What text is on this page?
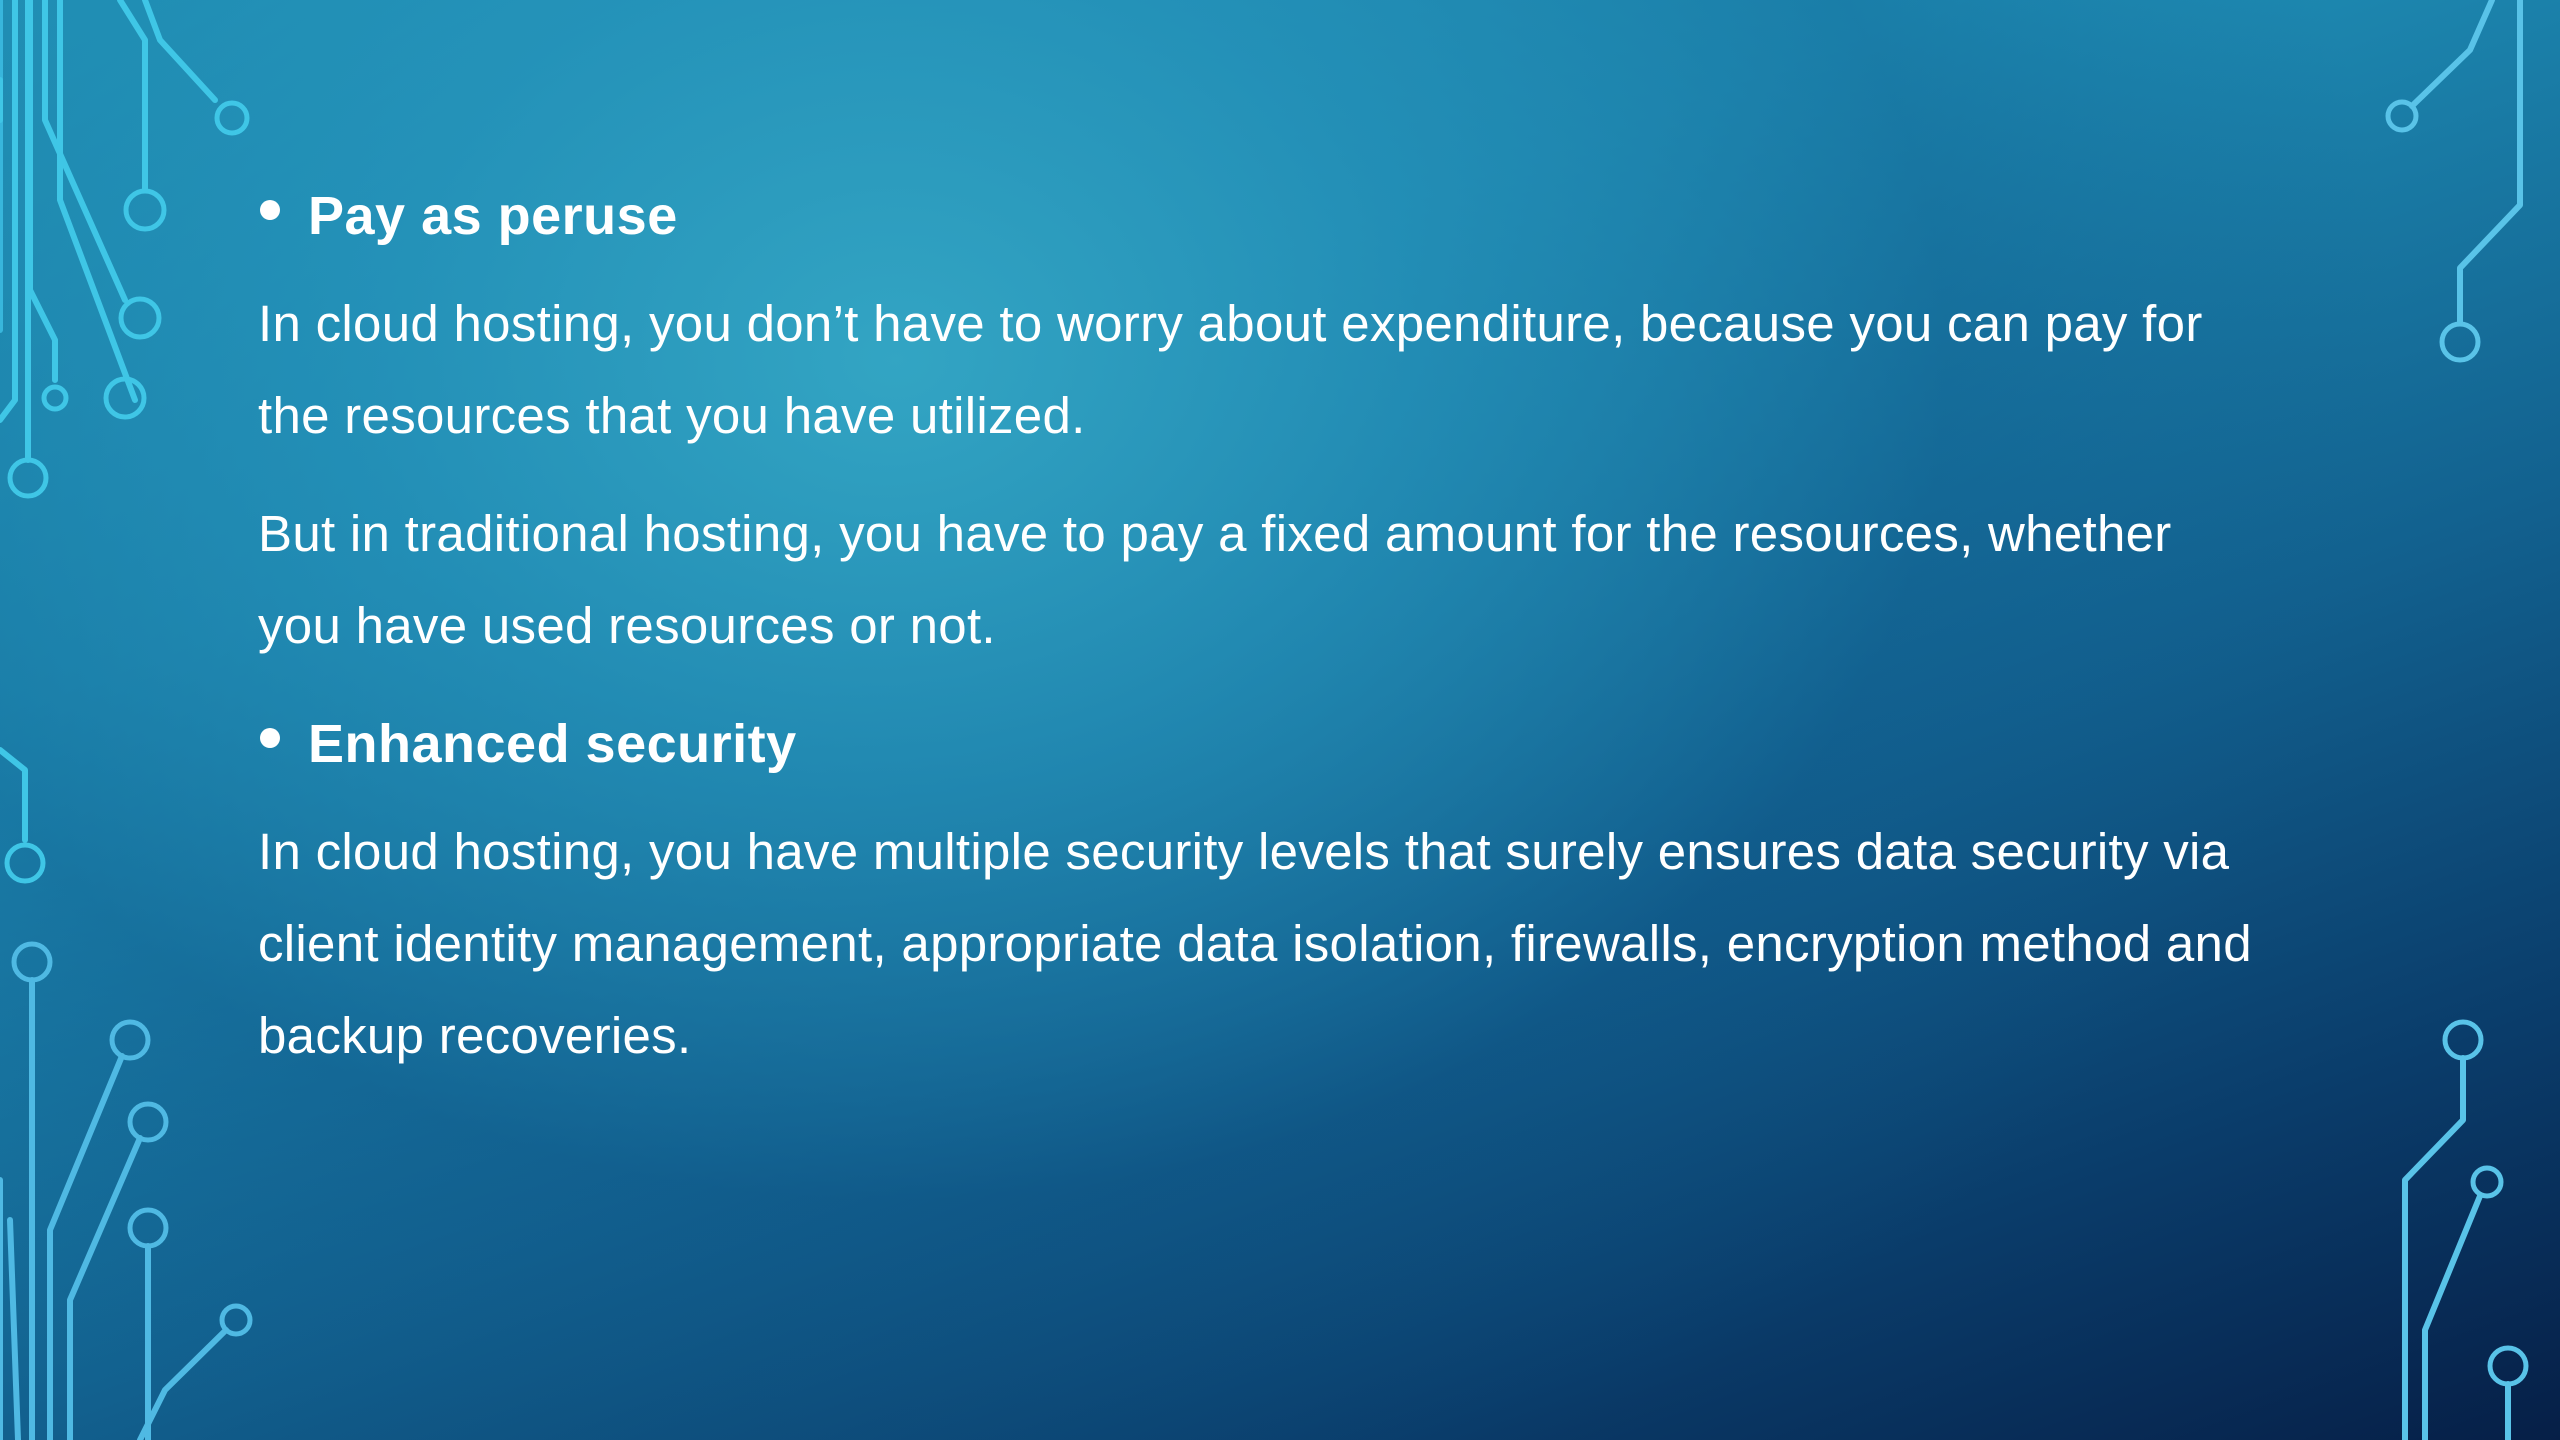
Pay as peruse
In cloud hosting, you don’t have to worry about expenditure, because you can pay for the resources that you have utilized.
But in traditional hosting, you have to pay a fixed amount for the resources, whether you have used resources or not.
Enhanced security
In cloud hosting, you have multiple security levels that surely ensures data security via client identity management, appropriate data isolation, firewalls, encryption method and backup recoveries.
